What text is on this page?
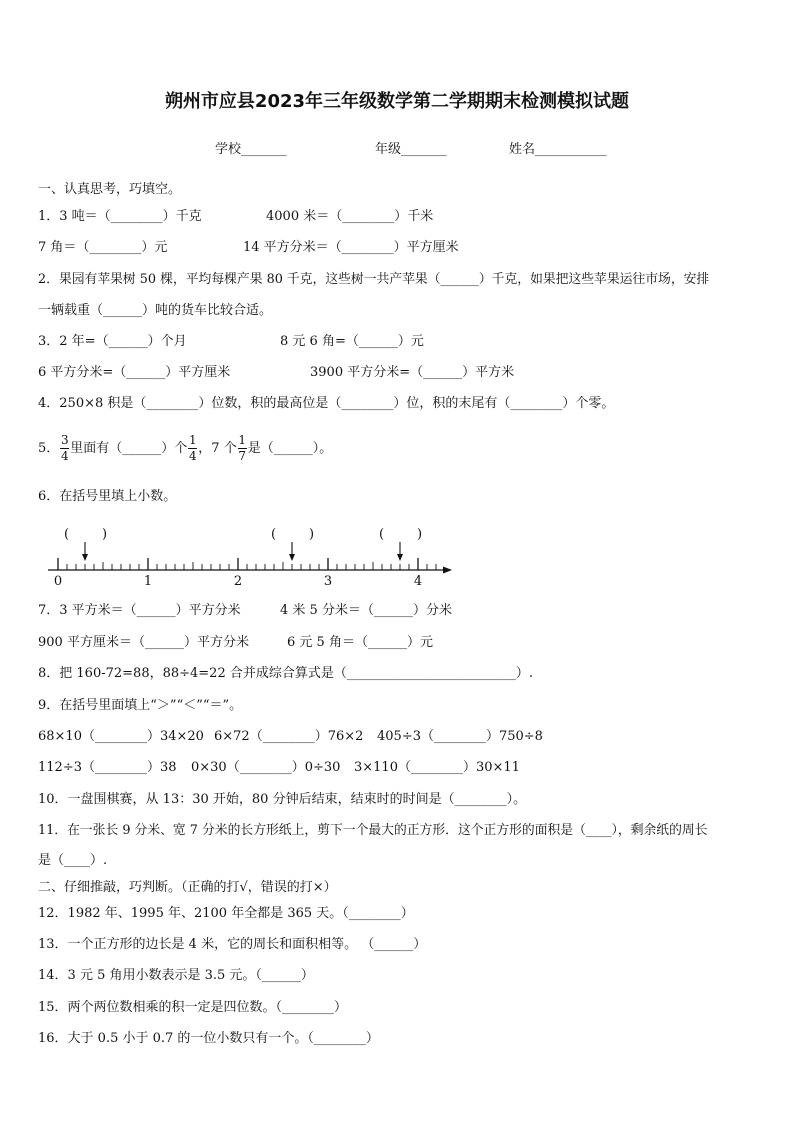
朔州市应县2023年三年级数学第二学期期末检测模拟试题
学校_______	年级_______	姓名___________
一、认真思考，巧填空。
1．3 吨＝（________）千克	4000 米＝（________）千米
7 角＝（________）元	14 平方分米＝（________）平方厘米
2．果园有苹果树 50 棵，平均每棵产果 80 千克，这些树一共产苹果（______）千克，如果把这些苹果运往市场，安排
一辆载重（______）吨的货车比较合适。
3．2 年=（______）个月	8 元 6 角=（______）元
6 平方分米=（______）平方厘米	3900 平方分米=（______）平方米
4．250×8 积是（________）位数，积的最高位是（________）位，积的末尾有（________）个零。
5． $\frac{3}{4}$ 里面有（______）个 $\frac{1}{4}$ ，7 个 $\frac{1}{7}$ 是（______）。
6．在括号里填上小数。
0	1	2	3	4
(	)	(	)	(	)
7．3 平方米＝（______）平方分米	4 米 5 分米＝（______）分米
900 平方厘米＝（______）平方分米	6 元 5 角＝（______）元
8．把 160-72=88，88÷4=22 合并成综合算式是（__________________________）.
9．在括号里面填上“＞”“＜”“＝”。
68×10（________）34×20 6×72（________）76×2 405÷3（________）750÷8
112÷3（________）38 0×30（________）0÷30 3×110（________）30×11
10．一盘围棋赛，从 13：30 开始，80 分钟后结束，结束时的时间是（________）。
11．在一张长 9 分米、宽 7 分米的长方形纸上，剪下一个最大的正方形．这个正方形的面积是（____），剩余纸的周长
是（____）.
二、仔细推敲，巧判断。（正确的打√，错误的打×）
12．1982 年、1995 年、2100 年全都是 365 天。（________）
13．一个正方形的边长是 4 米，它的周长和面积相等。 （______）
14．3 元 5 角用小数表示是 3.5 元。（______）
15．两个两位数相乘的积一定是四位数。（________）
16．大于 0.5 小于 0.7 的一位小数只有一个。（________）
